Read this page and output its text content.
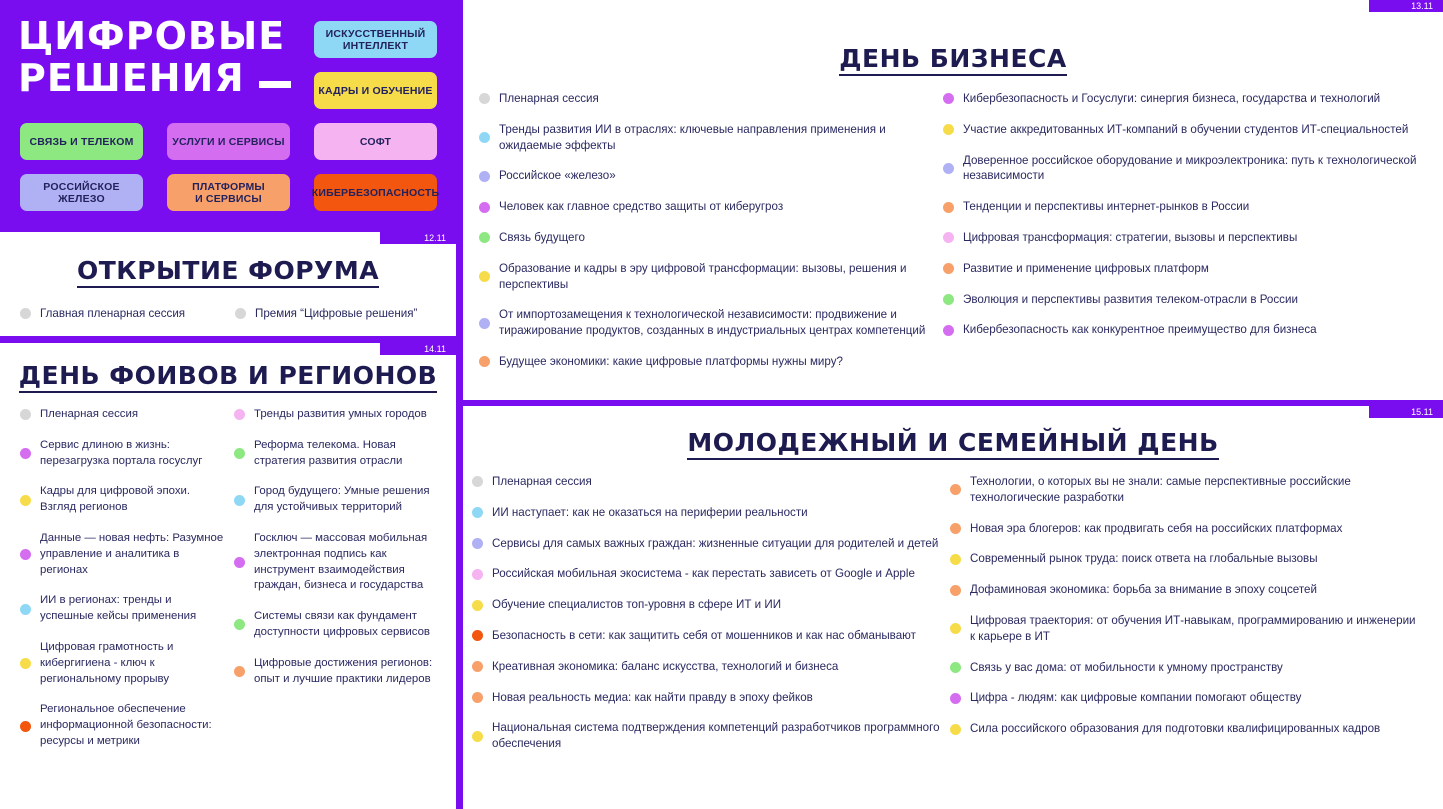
ЦИФРОВЫЕ
РЕШЕНИЯ
ИСКУССТВЕННЫЙ
ИНТЕЛЛЕКТ
КАДРЫ И ОБУЧЕНИЕ
СВЯЗЬ И ТЕЛЕКОМ	УСЛУГИ И СЕРВИСЫ	СОФТ
РОССИЙСКОЕ
ЖЕЛЕЗО
ПЛАТФОРМЫ
И СЕРВИСЫ	КИБЕРБЕЗОПАСНОСТЬ
12.11
ОТКРЫТИЕ ФОРУМА
Главная пленарная сессия	Премия “Цифровые решения”
14.11
ДЕНЬ ФОИВОВ И РЕГИОНОВ
Пленарная сессия
Сервис длиною в жизнь: перезагрузка портала госуслуг
Кадры для цифровой эпохи. Взгляд регионов
Данные — новая нефть: Разумное управление и аналитика в регионах
ИИ в регионах: тренды и успешные кейсы применения
Цифровая грамотность и кибергигиена - ключ к региональному прорыву
Региональное обеспечение информационной безопасности: ресурсы и метрики
Тренды развития умных городов
Реформа телекома. Новая стратегия развития отрасли
Город будущего: Умные решения для устойчивых территорий
Госключ — массовая мобильная электронная подпись как инструмент взаимодействия граждан, бизнеса и государства
Системы связи как фундамент доступности цифровых сервисов
Цифровые достижения регионов: опыт и лучшие практики лидеров
13.11
ДЕНЬ БИЗНЕСА
Пленарная сессия
Тренды развития ИИ в отраслях: ключевые направления применения и ожидаемые эффекты
Российское «железо»
Человек как главное средство защиты от киберугроз
Связь будущего
Образование и кадры в эру цифровой трансформации: вызовы, решения и перспективы
От импортозамещения к технологической независимости: продвижение и тиражирование продуктов, созданных в индустриальных центрах компетенций
Будущее экономики: какие цифровые платформы нужны миру?
Кибербезопасность и Госуслуги: синергия бизнеса, государства и технологий
Участие аккредитованных ИТ-компаний в обучении студентов ИТ-специальностей
Доверенное российское оборудование и микроэлектроника: путь к технологической независимости
Тенденции и перспективы интернет-рынков в России
Цифровая трансформация: стратегии, вызовы и перспективы
Развитие и применение цифровых платформ
Эволюция и перспективы развития телеком-отрасли в России
Кибербезопасность как конкурентное преимущество для бизнеса
15.11
МОЛОДЕЖНЫЙ И СЕМЕЙНЫЙ ДЕНЬ
Пленарная сессия
ИИ наступает: как не оказаться на периферии реальности
Сервисы для самых важных граждан: жизненные ситуации для родителей и детей
Российская мобильная экосистема - как перестать зависеть от Google и Apple
Обучение специалистов топ-уровня в сфере ИТ и ИИ
Безопасность в сети: как защитить себя от мошенников и как нас обманывают
Креативная экономика: баланс искусства, технологий и бизнеса
Новая реальность медиа: как найти правду в эпоху фейков
Национальная система подтверждения компетенций разработчиков программного обеспечения
Технологии, о которых вы не знали: самые перспективные российские технологические разработки
Новая эра блогеров: как продвигать себя на российских платформах
Современный рынок труда: поиск ответа на глобальные вызовы
Дофаминовая экономика: борьба за внимание в эпоху соцсетей
Цифровая траектория: от обучения ИТ-навыкам, программированию и инженерии к карьере в ИТ
Связь у вас дома: от мобильности к умному пространству
Цифра - людям: как цифровые компании помогают обществу
Сила российского образования для подготовки квалифицированных кадров
